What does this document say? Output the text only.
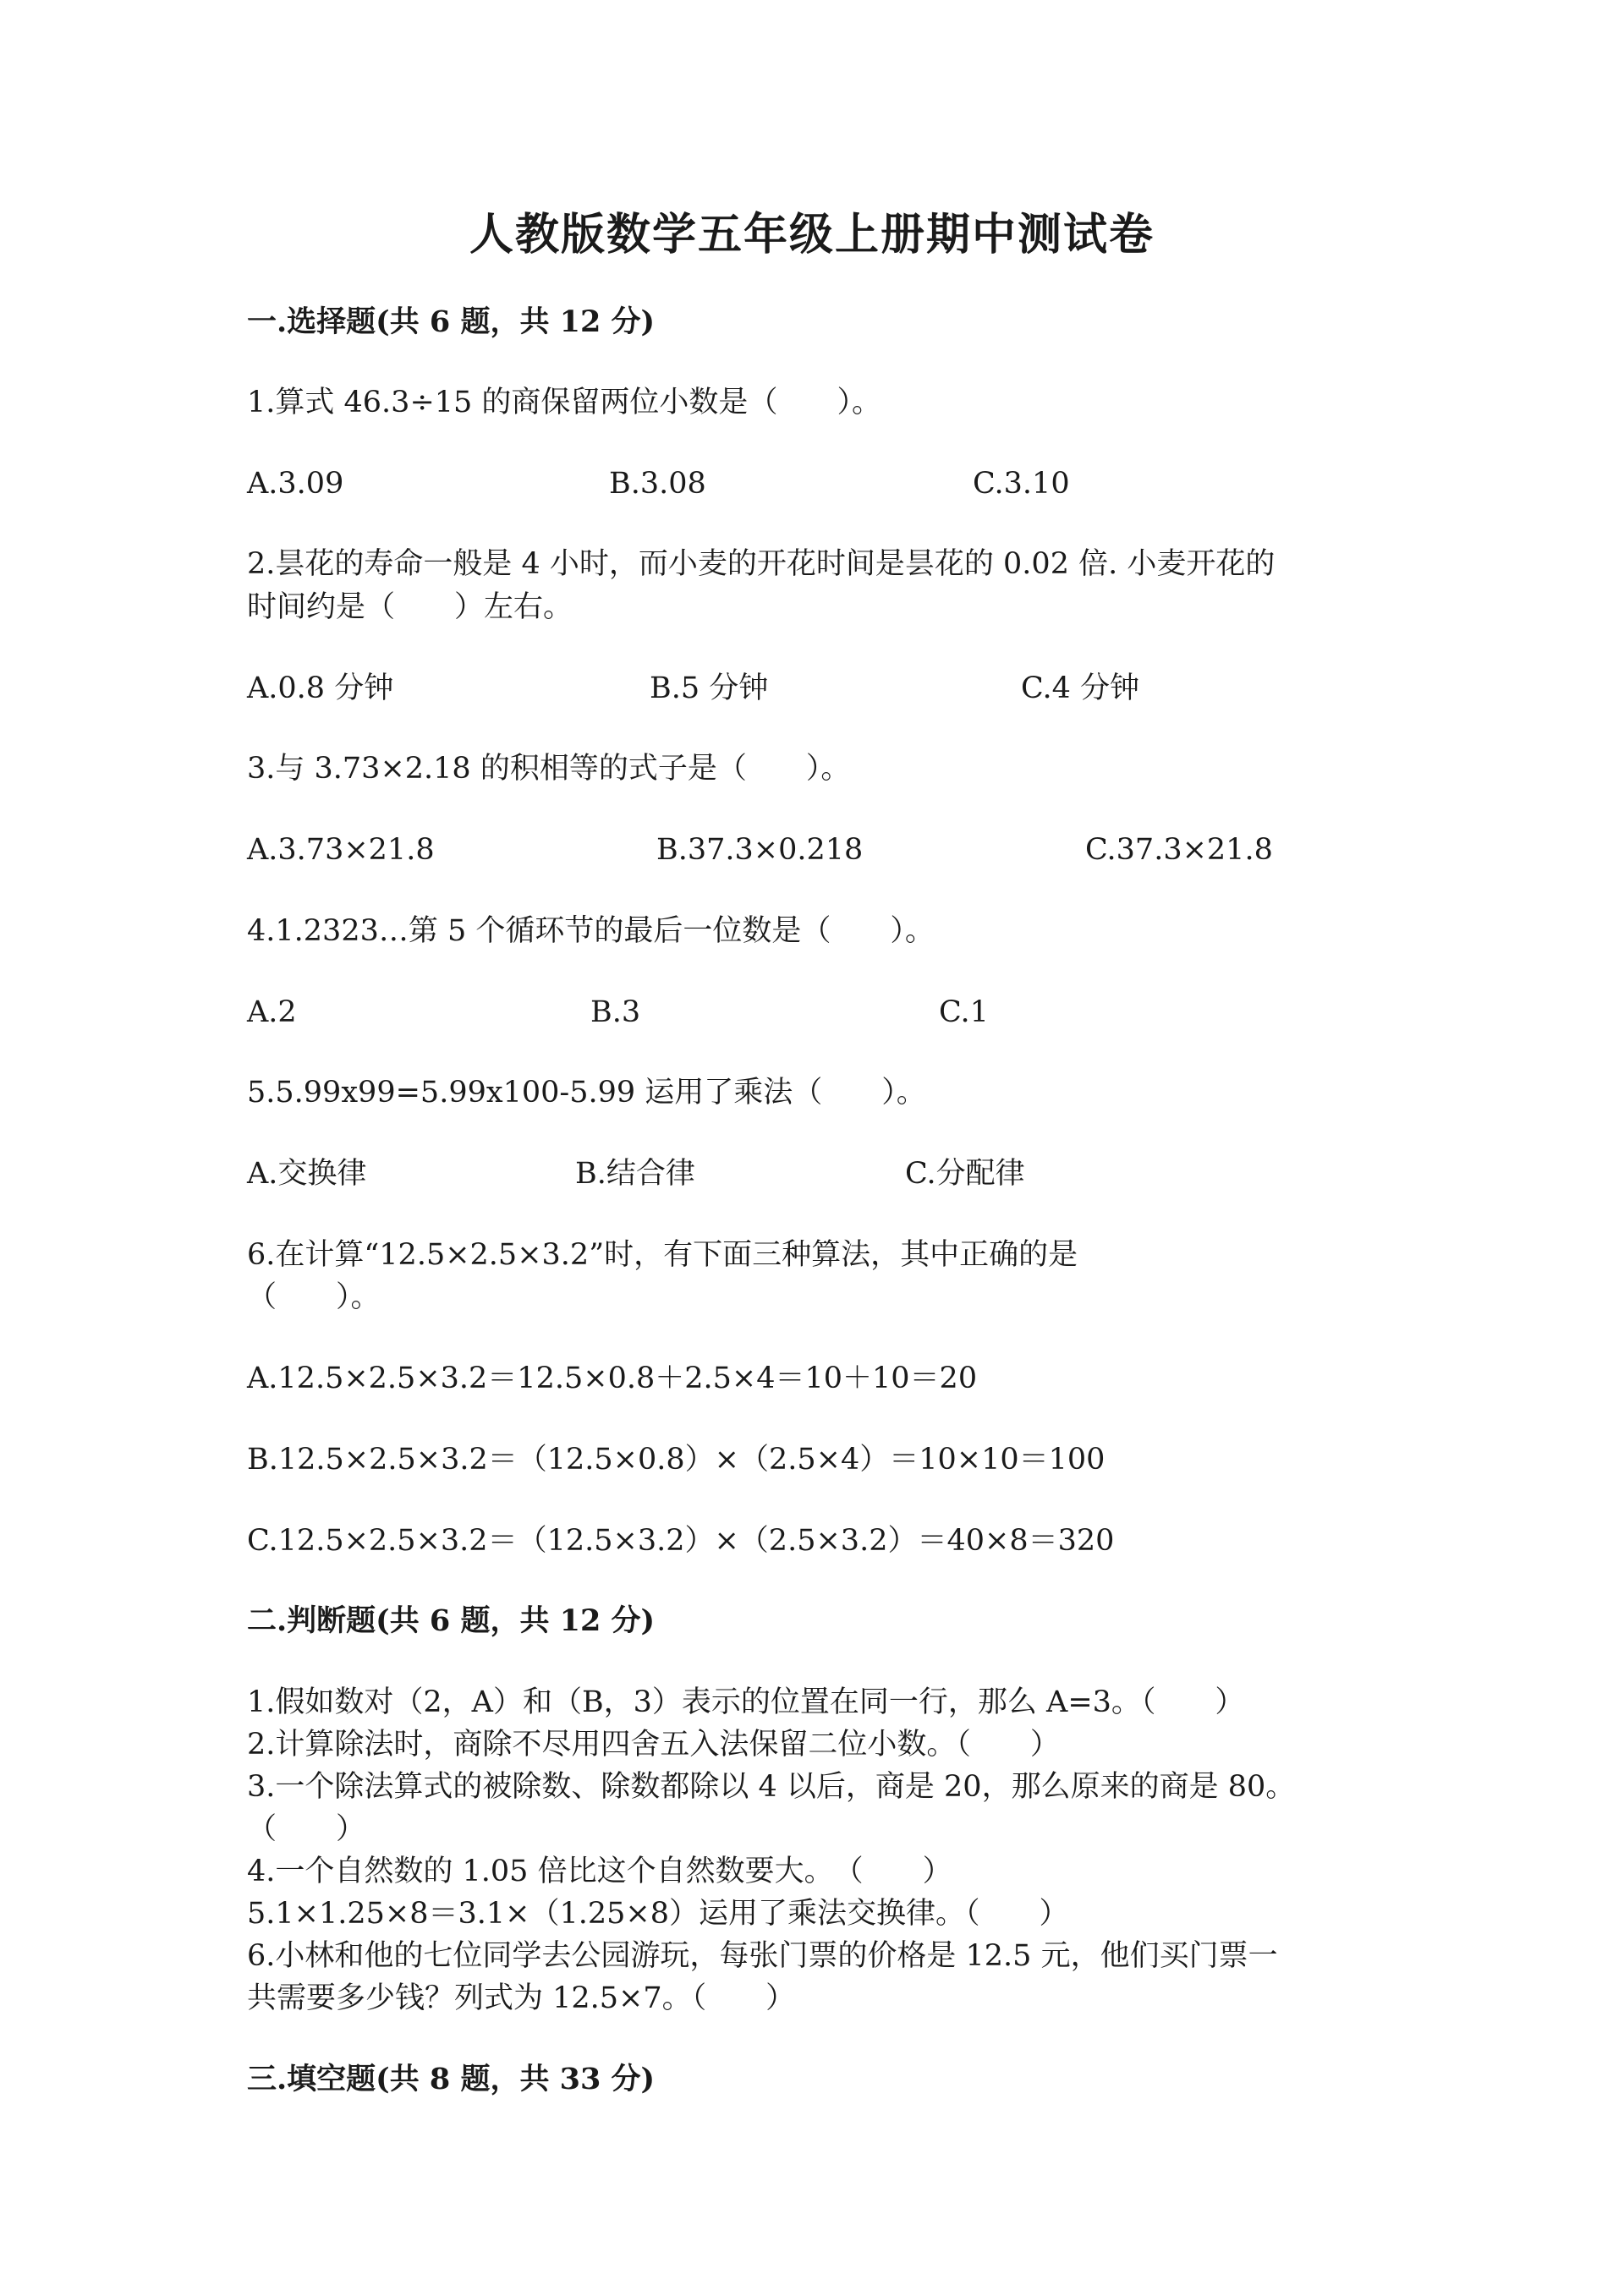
人教版数学五年级上册期中测试卷
一.选择题(共 6 题，共 12 分)
1.算式 46.3÷15 的商保留两位小数是（　　）。
A.3.09	B.3.08	C.3.10
2.昙花的寿命一般是 4 小时，而小麦的开花时间是昙花的 0.02 倍. 小麦开花的
时间约是（　　）左右。
A.0.8 分钟	B.5 分钟	C.4 分钟
3.与 3.73×2.18 的积相等的式子是（　　）。
A.3.73×21.8	B.37.3×0.218	C.37.3×21.8
4.1.2323…第 5 个循环节的最后一位数是（　　）。
A.2	B.3	C.1
5.5.99x99=5.99x100-5.99 运用了乘法（　　）。
A.交换律	B.结合律	C.分配律
6.在计算“12.5×2.5×3.2”时，有下面三种算法，其中正确的是
（　　）。
A.12.5×2.5×3.2＝12.5×0.8＋2.5×4＝10＋10＝20
B.12.5×2.5×3.2＝（12.5×0.8）×（2.5×4）＝10×10＝100
C.12.5×2.5×3.2＝（12.5×3.2）×（2.5×3.2）＝40×8＝320
二.判断题(共 6 题，共 12 分)
1.假如数对（2，A）和（B，3）表示的位置在同一行，那么 A=3。（　　）
2.计算除法时，商除不尽用四舍五入法保留二位小数。（　　）
3.一个除法算式的被除数、除数都除以 4 以后，商是 20，那么原来的商是 80。
（　　）
4.一个自然数的 1.05 倍比这个自然数要大。　（　　）
5.1×1.25×8＝3.1×（1.25×8）运用了乘法交换律。（　　）
6.小林和他的七位同学去公园游玩，每张门票的价格是 12.5 元，他们买门票一
共需要多少钱？列式为 12.5×7。（　　）
三.填空题(共 8 题，共 33 分)
